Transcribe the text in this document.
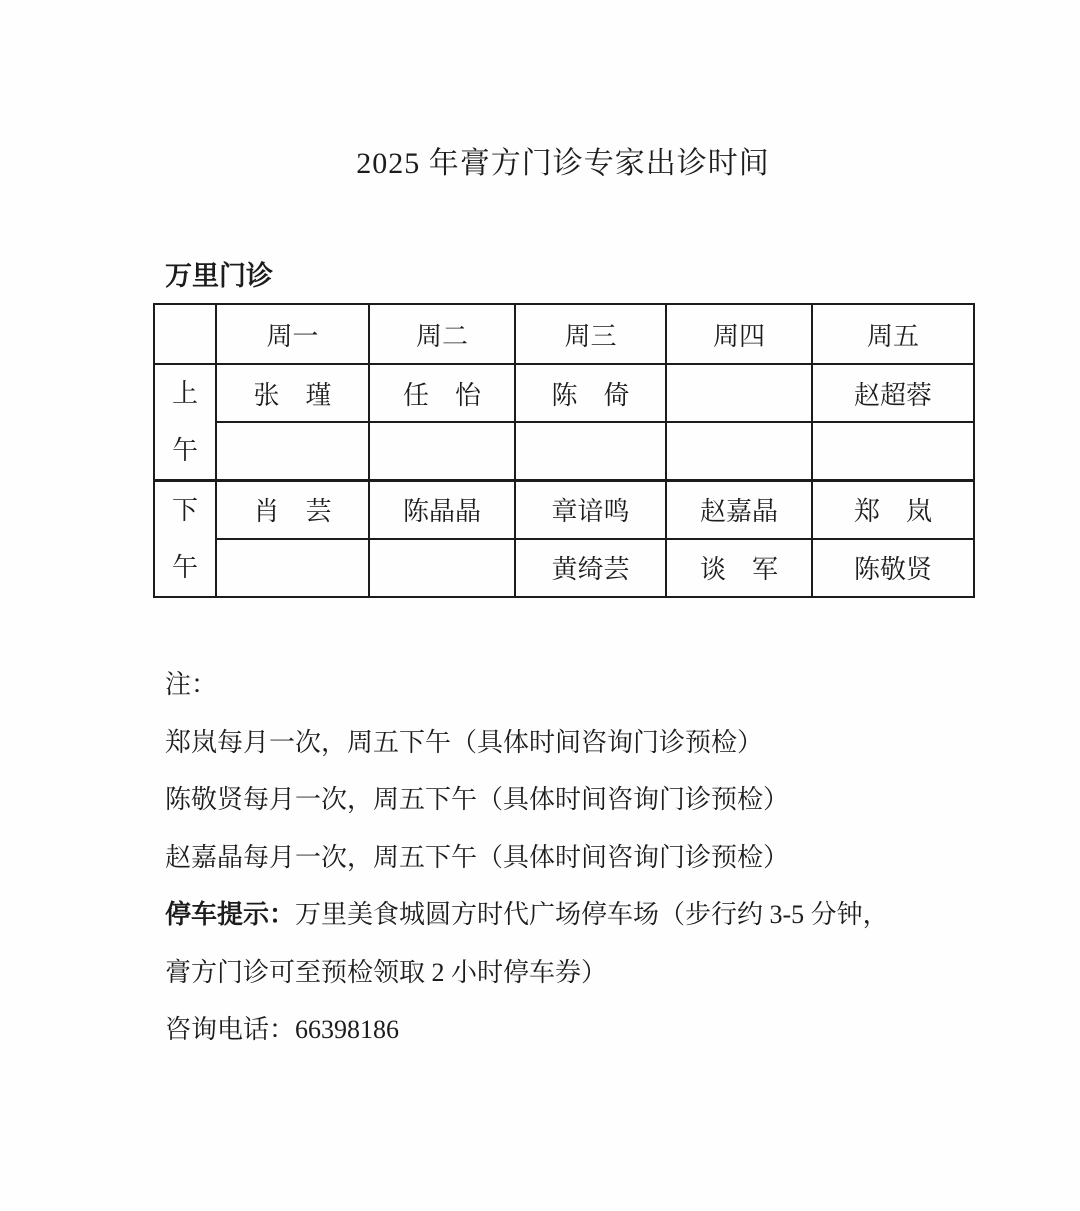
2025 年膏方门诊专家出诊时间
万里门诊
	周一	周二	周三	周四	周五

上午	张　瑾	任　怡	陈　倚		赵超蓉

下午	肖　芸	陈晶晶	章谙鸣	赵嘉晶	郑　岚
			黄绮芸	谈　军	陈敬贤

注：

郑岚每月一次，周五下午（具体时间咨询门诊预检）

陈敬贤每月一次，周五下午（具体时间咨询门诊预检）

赵嘉晶每月一次，周五下午（具体时间咨询门诊预检）

停车提示：万里美食城圆方时代广场停车场（步行约 3-5 分钟，

膏方门诊可至预检领取 2 小时停车券）

咨询电话：66398186
